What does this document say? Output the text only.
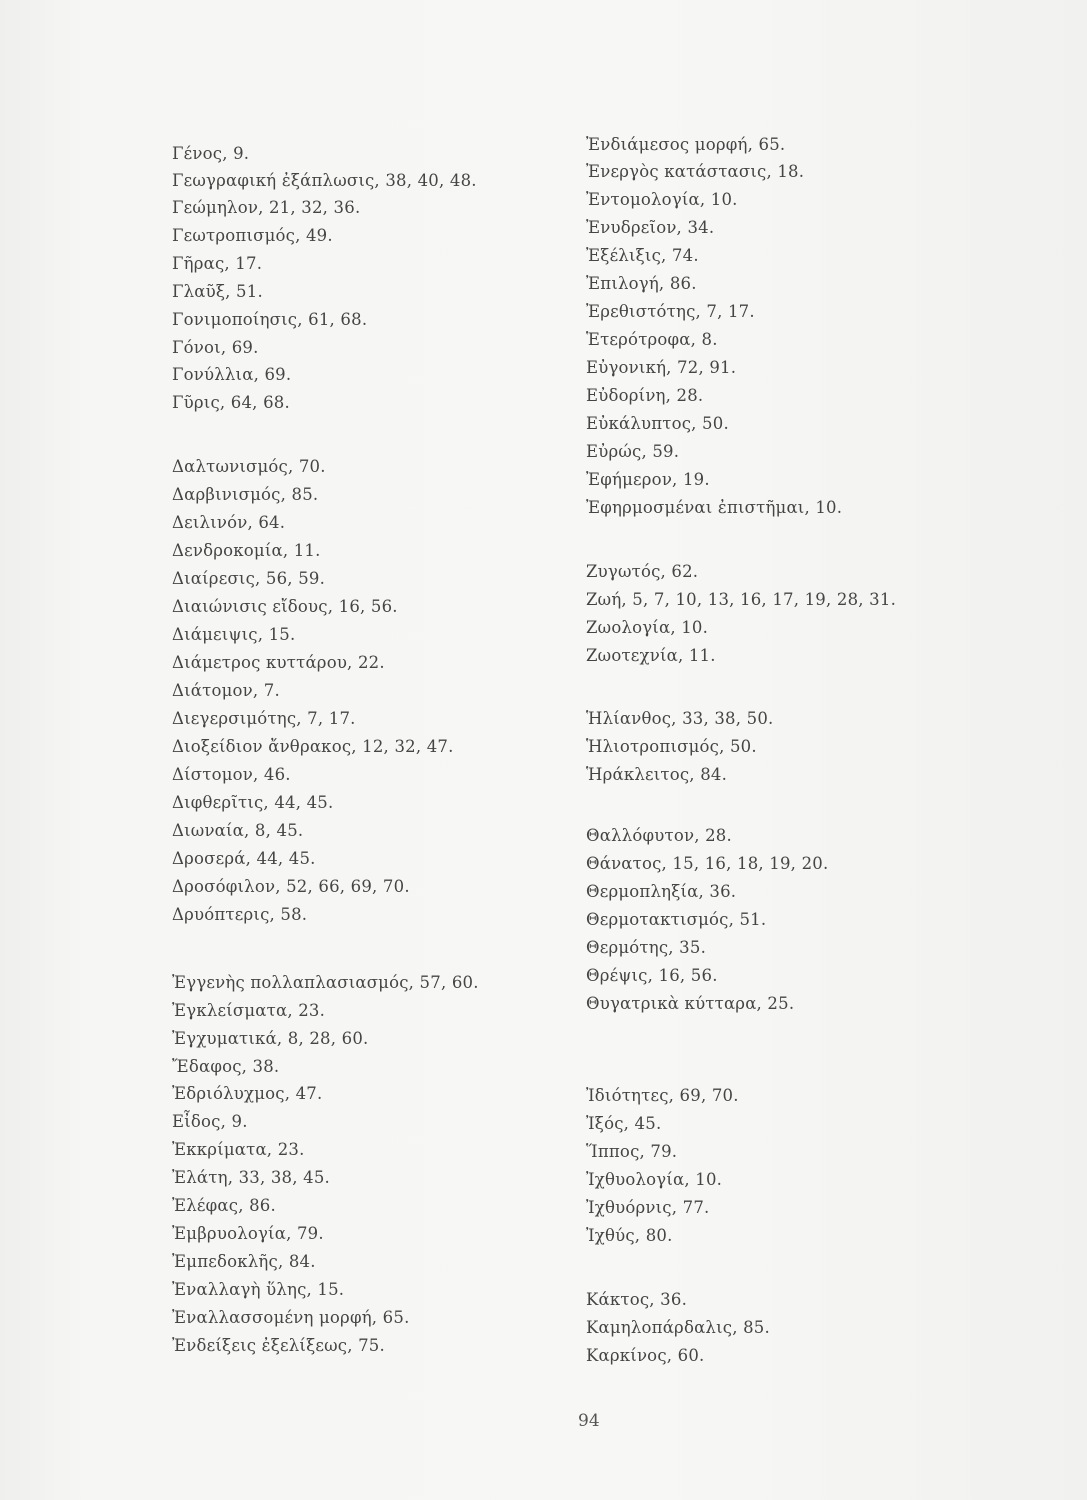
Γένος, 9.
Γεωγραφική ἐξάπλωσις, 38, 40, 48.
Γεώμηλον, 21, 32, 36.
Γεωτροπισμός, 49.
Γῆρας, 17.
Γλαῦξ, 51.
Γονιμοποίησις, 61, 68.
Γόνοι, 69.
Γονύλλια, 69.
Γῦρις, 64, 68.
Δαλτωνισμός, 70.
Δαρβινισμός, 85.
Δειλινόν, 64.
Δενδροκομία, 11.
Διαίρεσις, 56, 59.
Διαιώνισις εἴδους, 16, 56.
Διάμειψις, 15.
Διάμετρος κυττάρου, 22.
Διάτομον, 7.
Διεγερσιμότης, 7, 17.
Διοξείδιον ἄνθρακος, 12, 32, 47.
Δίστομον, 46.
Διφθερῖτις, 44, 45.
Διωναία, 8, 45.
Δροσερά, 44, 45.
Δροσόφιλον, 52, 66, 69, 70.
Δρυόπτερις, 58.
Ἐγγενὴς πολλαπλασιασμός, 57, 60.
Ἐγκλείσματα, 23.
Ἐγχυματικά, 8, 28, 60.
Ἔδαφος, 38.
Ἐδριόλυχμος, 47.
Εἶδος, 9.
Ἐκκρίματα, 23.
Ἐλάτη, 33, 38, 45.
Ἐλέφας, 86.
Ἐμβρυολογία, 79.
Ἐμπεδοκλῆς, 84.
Ἐναλλαγὴ ὕλης, 15.
Ἐναλλασσομένη μορφή, 65.
Ἐνδείξεις ἐξελίξεως, 75.
Ἐνδιάμεσος μορφή, 65.
Ἐνεργὸς κατάστασις, 18.
Ἐντομολογία, 10.
Ἐνυδρεῖον, 34.
Ἐξέλιξις, 74.
Ἐπιλογή, 86.
Ἐρεθιστότης, 7, 17.
Ἑτερότροφα, 8.
Εὐγονική, 72, 91.
Εὐδορίνη, 28.
Εὐκάλυπτος, 50.
Εὐρώς, 59.
Ἐφήμερον, 19.
Ἐφηρμοσμέναι ἐπιστῆμαι, 10.
Ζυγωτός, 62.
Ζωή, 5, 7, 10, 13, 16, 17, 19, 28, 31.
Ζωολογία, 10.
Ζωοτεχνία, 11.
Ἡλίανθος, 33, 38, 50.
Ἡλιοτροπισμός, 50.
Ἡράκλειτος, 84.
Θαλλόφυτον, 28.
Θάνατος, 15, 16, 18, 19, 20.
Θερμοπληξία, 36.
Θερμοτακτισμός, 51.
Θερμότης, 35.
Θρέψις, 16, 56.
Θυγατρικὰ κύτταρα, 25.
Ἰδιότητες, 69, 70.
Ἰξός, 45.
Ἵππος, 79.
Ἰχθυολογία, 10.
Ἰχθυόρνις, 77.
Ἰχθύς, 80.
Κάκτος, 36.
Καμηλοπάρδαλις, 85.
Καρκίνος, 60.
94
